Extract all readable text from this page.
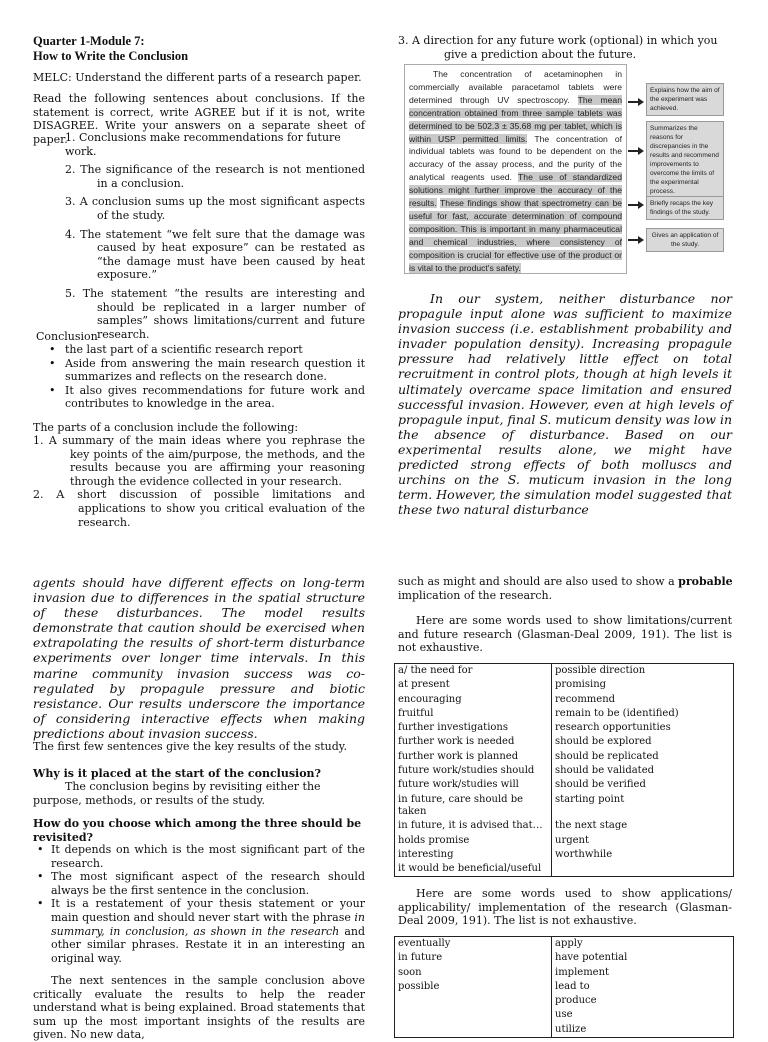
Quarter 1-Module 7:
How to Write the Conclusion

MELC: Understand the different parts of a research paper.

Read the following sentences about conclusions. If the statement is correct, write AGREE but if it is not, write DISAGREE. Write your answers on a separate sheet of paper.

1. Conclusions make recommendations for future work.

2. The significance of the research is not mentioned in a conclusion.

3. A conclusion sums up the most significant aspects of the study.

4. The statement “we felt sure that the damage was caused by heat exposure” can be restated as “the damage must have been caused by heat exposure.”

5. The statement “the results are interesting and should be replicated in a larger number of samples” shows limitations/current and future research.

Conclusion

• the last part of a scientific research report

• Aside from answering the main research question it summarizes and reflects on the research done.

• It also gives recommendations for future work and contributes to knowledge in the area.

The parts of a conclusion include the following:

1. A summary of the main ideas where you rephrase the key points of the aim/purpose, the methods, and the results because you are affirming your reasoning through the evidence collected in your research.

2. A short discussion of possible limitations and applications to show you critical evaluation of the research.

3. A direction for any future work (optional) in which you give a prediction about the future.

The concentration of acetaminophen in commercially available paracetamol tablets were determined through UV spectroscopy. The mean concentration obtained from three sample tablets was determined to be 502.3 ± 35.68 mg per tablet, which is within USP permitted limits. The concentration of individual tablets was found to be dependent on the accuracy of the assay process, and the purity of the analytical reagents used. The use of standardized solutions might further improve the accuracy of the results. These findings show that spectrometry can be useful for fast, accurate determination of compound composition. This is important in many pharmaceutical and chemical industries, where consistency of composition is crucial for effective use of the product or is vital to the product's safety.
Explains how the aim of the experiment was achieved.
Summarizes the reasons for discrepancies in the results and recommend improvements to overcome the limits of the experimental process.
Briefly recaps the key findings of the study.
Gives an application of the study.

In our system, neither disturbance nor propagule input alone was sufficient to maximize invasion success (i.e. establishment probability and invader population density). Increasing propagule pressure had relatively little effect on total recruitment in control plots, though at high levels it ultimately overcame space limitation and ensured successful invasion. However, even at high levels of propagule input, final S. muticum density was low in the absence of disturbance. Based on our experimental results alone, we might have predicted strong effects of both molluscs and urchins on the S. muticum invasion in the long term. However, the simulation model suggested that these two natural disturbance

agents should have different effects on long-term invasion due to differences in the spatial structure of these disturbances. The model results demonstrate that caution should be exercised when extrapolating the results of short-term disturbance experiments over longer time intervals. In this marine community invasion success was co-regulated by propagule pressure and biotic resistance. Our results underscore the importance of considering interactive effects when making predictions about invasion success.

The first few sentences give the key results of the study.

Why is it placed at the start of the conclusion?

The conclusion begins by revisiting either the purpose, methods, or results of the study.

How do you choose which among the three should be revisited?

• It depends on which is the most significant part of the research.

• The most significant aspect of the research should always be the first sentence in the conclusion.

• It is a restatement of your thesis statement or your main question and should never start with the phrase in summary, in conclusion, as shown in the research and other similar phrases. Restate it in an interesting an original way.

The next sentences in the sample conclusion above critically evaluate the results to help the reader understand what is being explained. Broad statements that sum up the most important insights of the results are given. No new data,

such as might and should are also used to show a probable implication of the research.

Here are some words used to show limitations/current and future research (Glasman-Deal 2009, 191). The list is not exhaustive.

a/ the need for	possible direction
at present	promising
encouraging	recommend
fruitful	remain to be (identified)
further investigations	research opportunities
further work is needed	should be explored
further work is planned	should be replicated
future work/studies should	should be validated
future work/studies will	should be verified
in future, care should be taken	starting point
in future, it is advised that…	the next stage
holds promise	urgent
interesting	worthwhile
it would be beneficial/useful	

Here are some words used to show applications/ applicability/ implementation of the research (Glasman-Deal 2009, 191). The list is not exhaustive.

eventually	apply
in future	have potential
soon	implement
possible	lead to
	produce
	use
	utilize
